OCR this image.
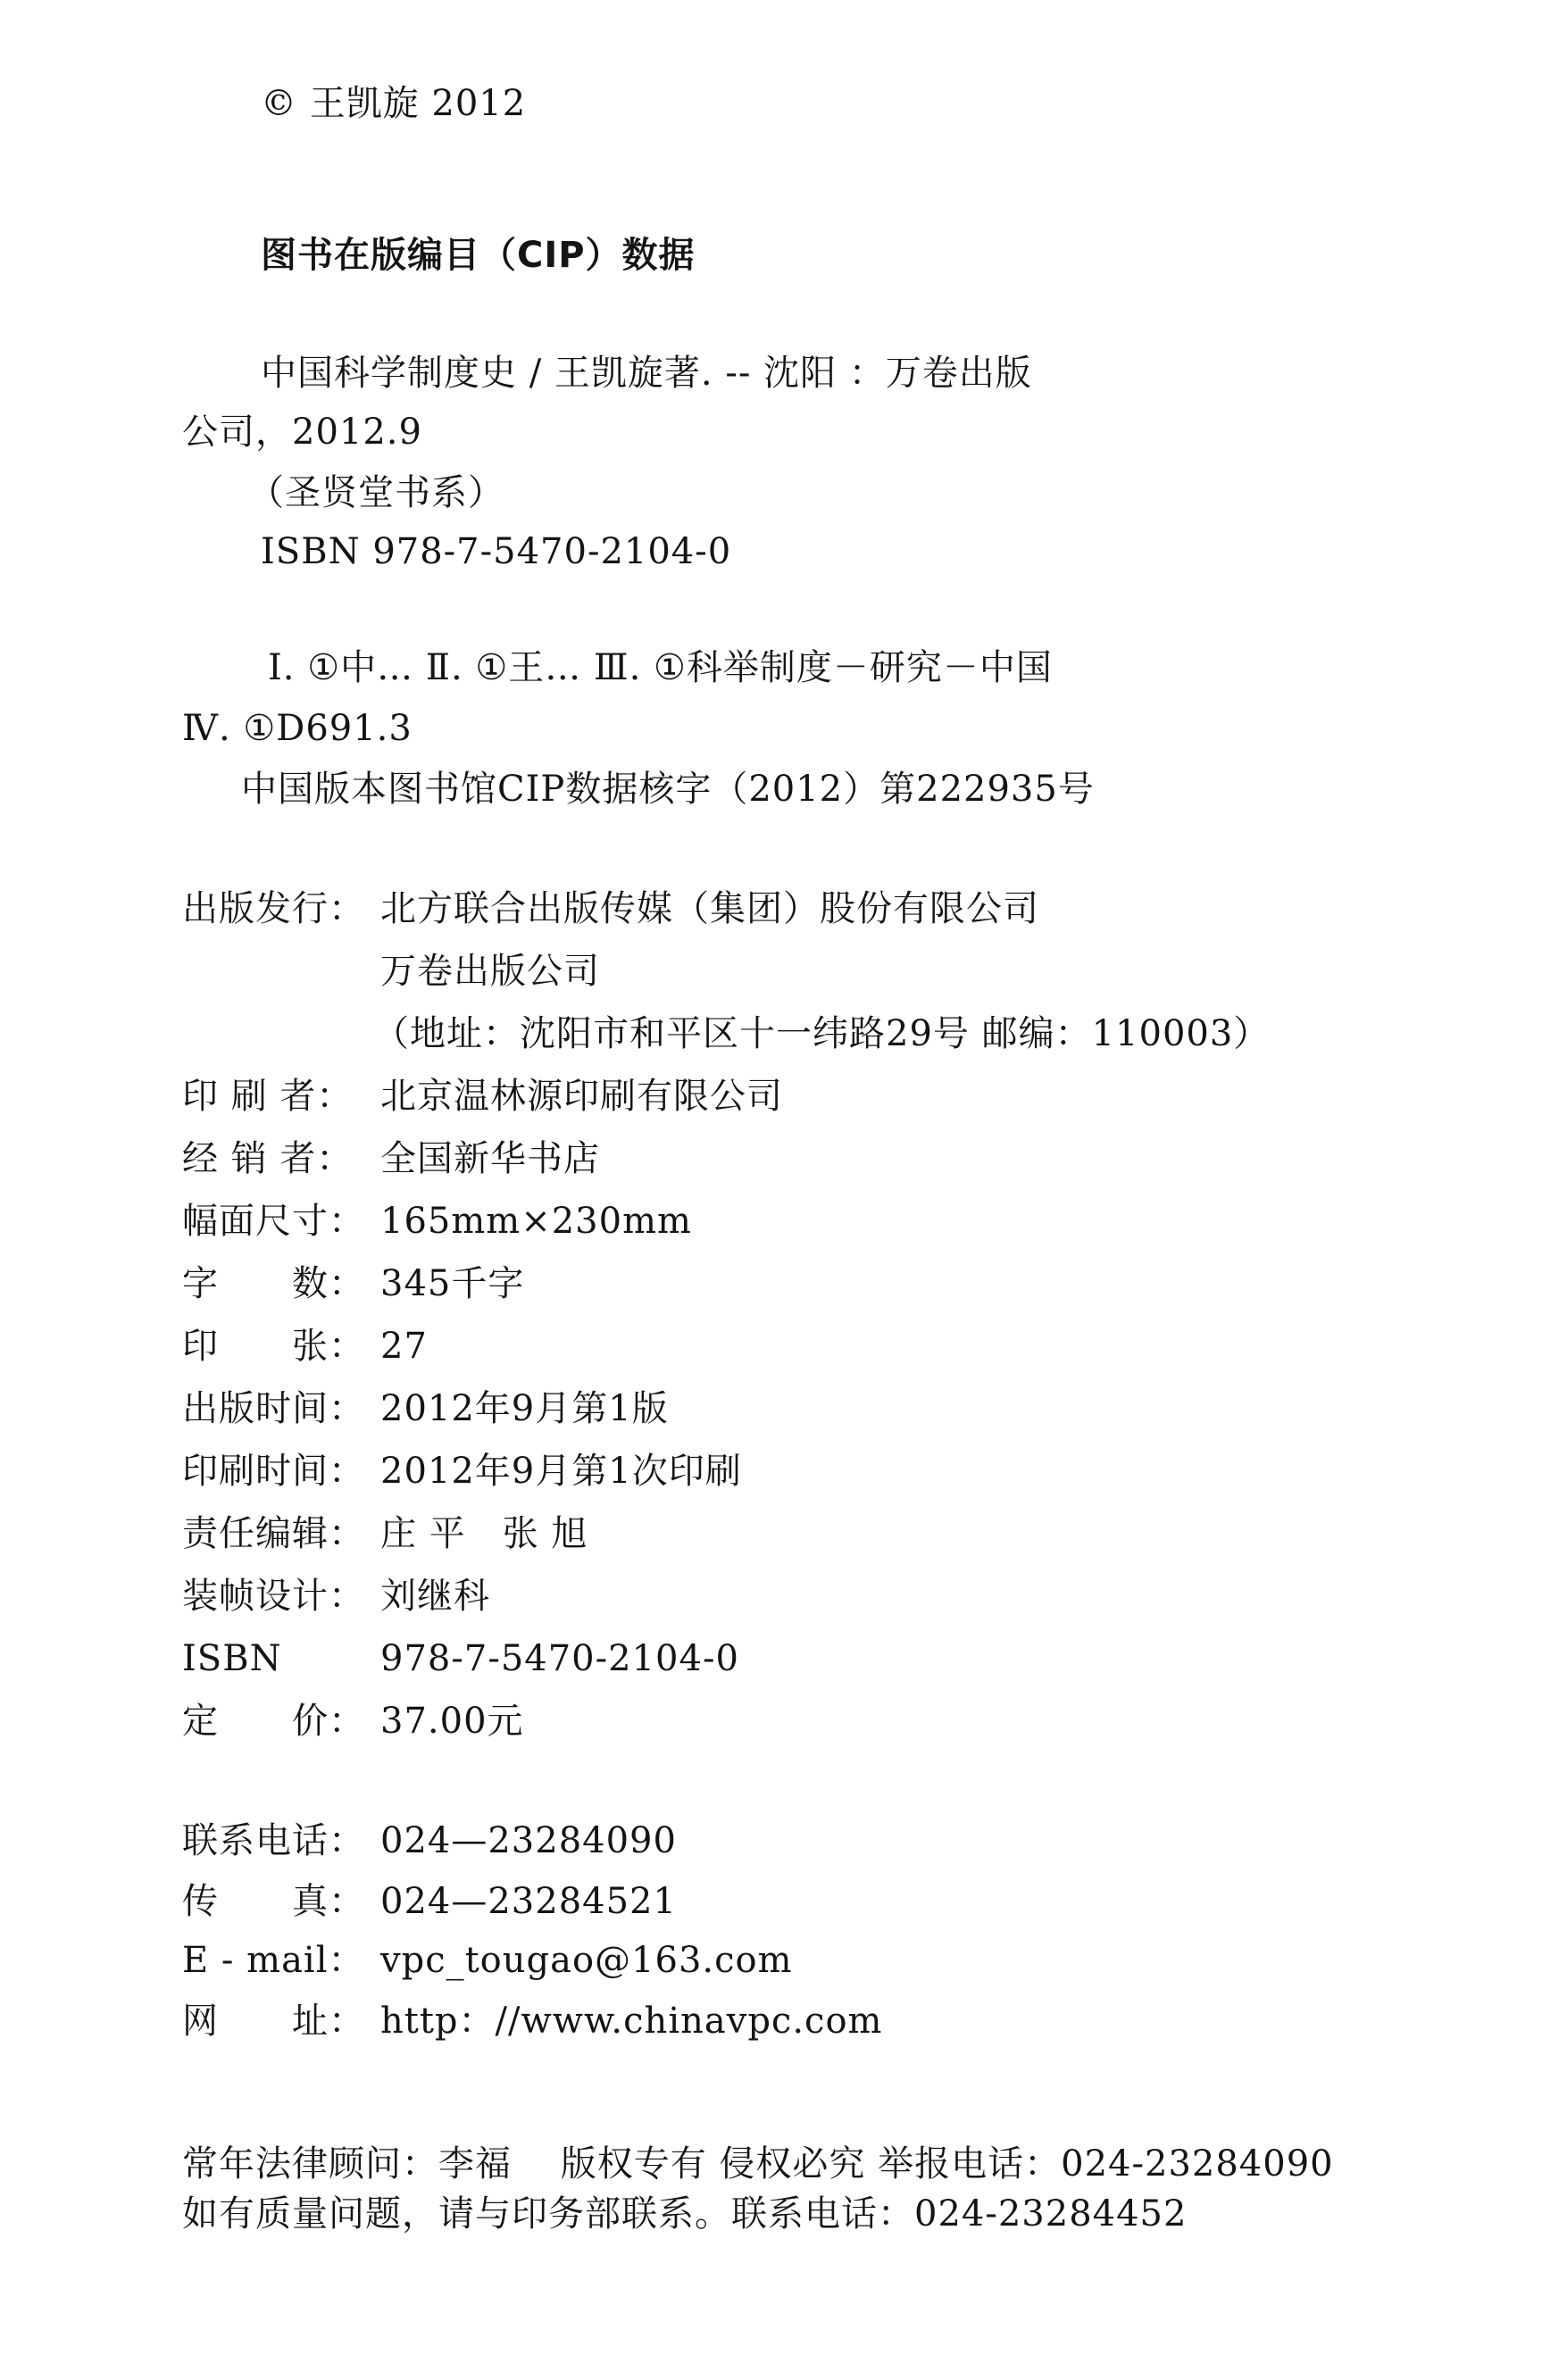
© 王凯旋 2012
图书在版编目（CIP）数据
中国科学制度史 / 王凯旋著. -- 沈阳 ：万卷出版
公司，2012.9
（圣贤堂书系）
ISBN 978-7-5470-2104-0
Ⅰ. ①中… Ⅱ. ①王… Ⅲ. ①科举制度－研究－中国
Ⅳ. ①D691.3
中国版本图书馆CIP数据核字（2012）第222935号
出版发行： 北方联合出版传媒（集团）股份有限公司
万卷出版公司
（地址：沈阳市和平区十一纬路29号 邮编：110003）
印 刷 者： 北京温林源印刷有限公司
经 销 者： 全国新华书店
幅面尺寸： 165mm×230mm
字　　数： 345千字
印　　张： 27
出版时间： 2012年9月第1版
印刷时间： 2012年9月第1次印刷
责任编辑： 庄 平　张 旭
装帧设计： 刘继科
ISBN	978-7-5470-2104-0
定　　价： 37.00元
联系电话： 024—23284090
传　　真： 024—23284521
E - mail： vpc_tougao@163.com
网　　址： http：//www.chinavpc.com
常年法律顾问：李福　 版权专有 侵权必究 举报电话：024-23284090
如有质量问题，请与印务部联系。联系电话：024-23284452
